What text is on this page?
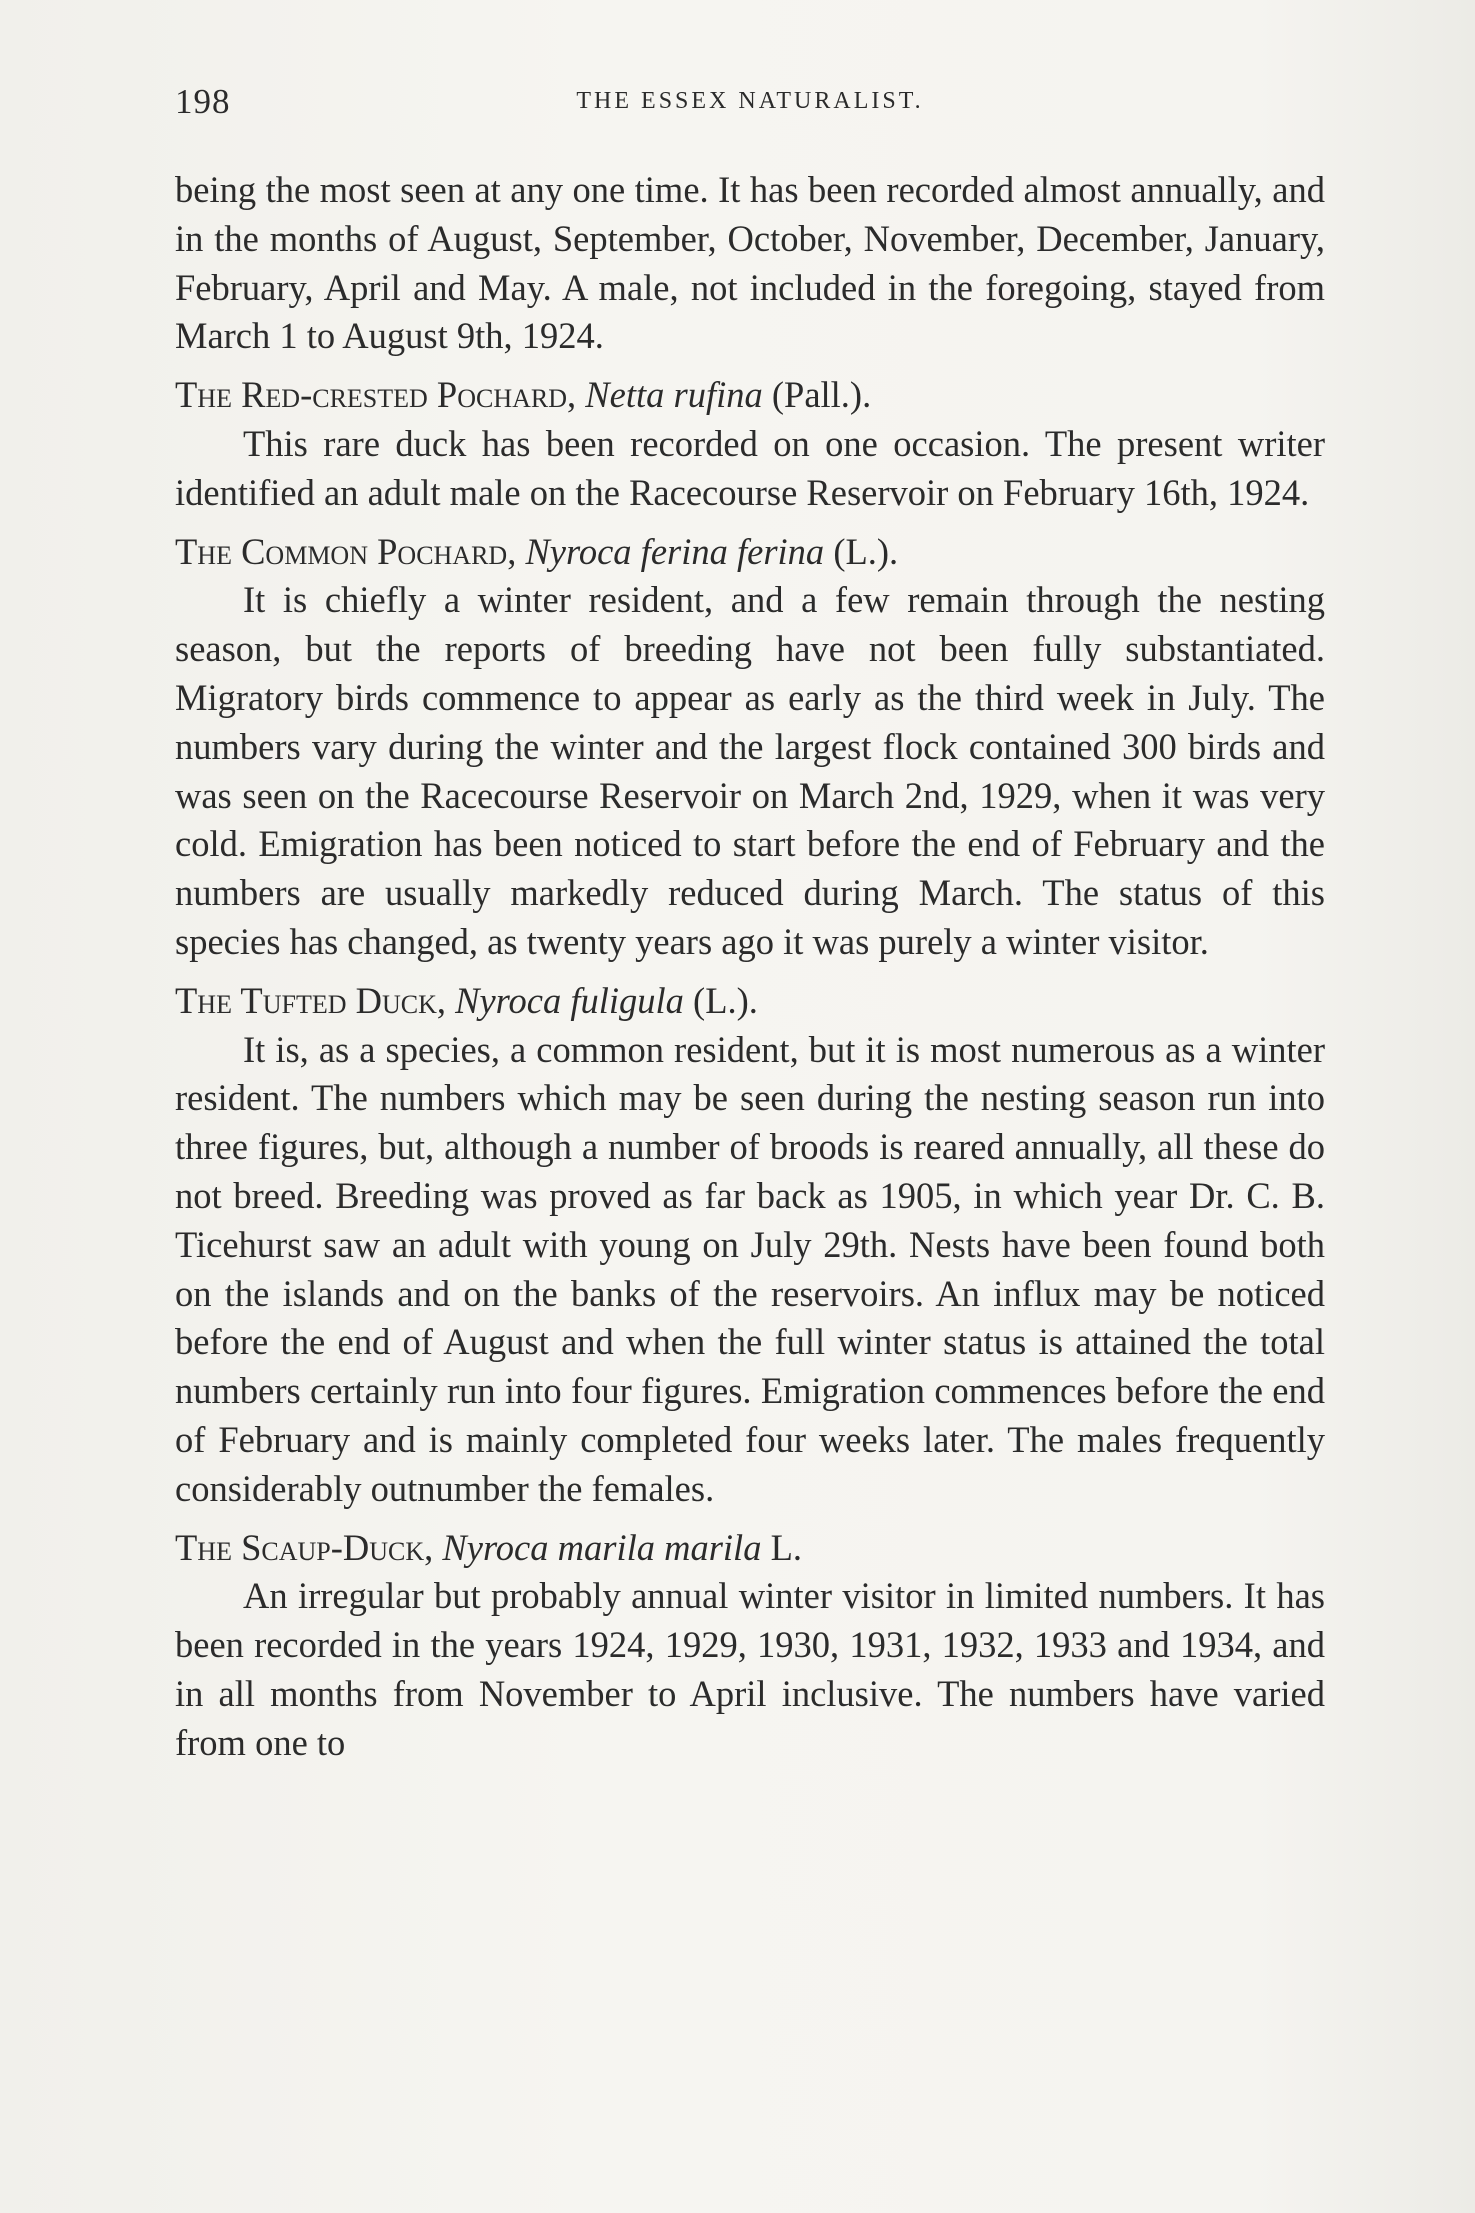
198	THE ESSEX NATURALIST.

being the most seen at any one time. It has been recorded almost annually, and in the months of August, September, October, November, December, January, February, April and May. A male, not included in the foregoing, stayed from March 1 to August 9th, 1924.

The Red-crested Pochard, Netta rufina (Pall.).

This rare duck has been recorded on one occasion. The present writer identified an adult male on the Racecourse Reservoir on February 16th, 1924.

The Common Pochard, Nyroca ferina ferina (L.).

It is chiefly a winter resident, and a few remain through the nesting season, but the reports of breeding have not been fully substantiated. Migratory birds commence to appear as early as the third week in July. The numbers vary during the winter and the largest flock contained 300 birds and was seen on the Racecourse Reservoir on March 2nd, 1929, when it was very cold. Emigration has been noticed to start before the end of February and the numbers are usually markedly reduced during March. The status of this species has changed, as twenty years ago it was purely a winter visitor.

The Tufted Duck, Nyroca fuligula (L.).

It is, as a species, a common resident, but it is most numerous as a winter resident. The numbers which may be seen during the nesting season run into three figures, but, although a number of broods is reared annually, all these do not breed. Breeding was proved as far back as 1905, in which year Dr. C. B. Ticehurst saw an adult with young on July 29th. Nests have been found both on the islands and on the banks of the reservoirs. An influx may be noticed before the end of August and when the full winter status is attained the total numbers certainly run into four figures. Emigration commences before the end of February and is mainly completed four weeks later. The males frequently considerably outnumber the females.

The Scaup-Duck, Nyroca marila marila L.

An irregular but probably annual winter visitor in limited numbers. It has been recorded in the years 1924, 1929, 1930, 1931, 1932, 1933 and 1934, and in all months from November to April inclusive. The numbers have varied from one to
